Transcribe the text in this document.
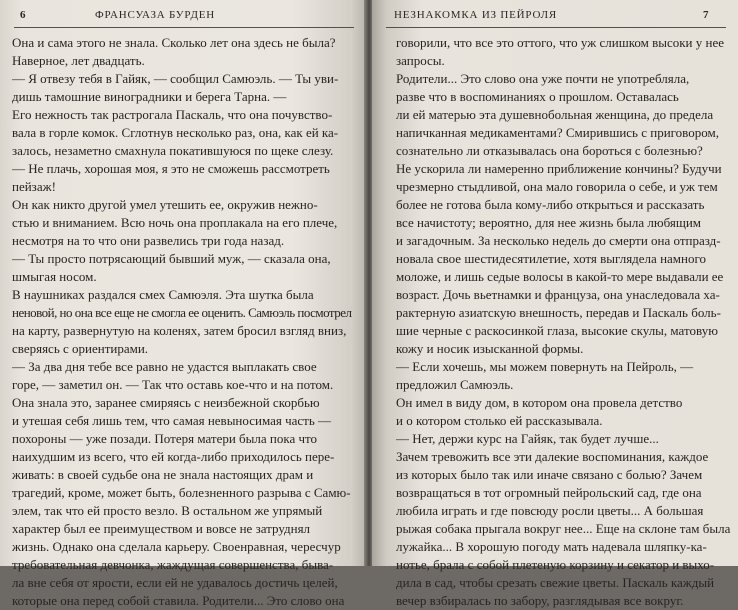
6	ФРАНСУАЗА БУРДЕН
Она и сама этого не знала. Сколько лет она здесь не была?
Наверное, лет двадцать.
— Я отвезу тебя в Гайяк, — сообщил Самюэль. — Ты уви-
дишь тамошние виноградники и берега Тарна. —
Его нежность так растрогала Паскаль, что она почувство-
вала в горле комок. Сглотнув несколько раз, она, как ей ка-
залось, незаметно смахнула покатившуюся по щеке слезу.
— Не плачь, хорошая моя, я это не сможешь рассмотреть
пейзаж!
Он как никто другой умел утешить ее, окружив нежно-
стью и вниманием. Всю ночь она проплакала на его плече,
несмотря на то что они развелись три года назад.
— Ты просто потрясающий бывший муж, — сказала она,
шмыгая носом.
В наушниках раздался смех Самюэля. Эта шутка была
неновой, но она все еще не смогла ее оценить. Самюэль посмотрел
на карту, развернутую на коленях, затем бросил взгляд вниз,
сверяясь с ориентирами.
— За два дня тебе все равно не удастся выплакать свое
горе, — заметил он. — Так что оставь кое-что и на потом.
Она знала это, заранее смиряясь с неизбежной скорбью
и утешая себя лишь тем, что самая невыносимая часть —
похороны — уже позади. Потеря матери была пока что
наихудшим из всего, что ей когда-либо приходилось пере-
живать: в своей судьбе она не знала настоящих драм и
трагедий, кроме, может быть, болезненного разрыва с Самю-
элем, так что ей просто везло. В остальном же упрямый
характер был ее преимуществом и вовсе не затруднял
жизнь. Однако она сделала карьеру. Своенравная, чересчур
требовательная девчонка, жаждущая совершенства, быва-
ла вне себя от ярости, если ей не удавалось достичь целей,
которые она перед собой ставила. Родители... Это слово она
НЕЗНАКОМКА ИЗ ПЕЙРОЛЯ	7
говорили, что все это оттого, что уж слишком высоки у нее
запросы.
Родители... Это слово она уже почти не употребляла,
разве что в воспоминаниях о прошлом. Оставалась
ли ей матерью эта душевнобольная женщина, до предела
напичканная медикаментами? Смирившись с приговором,
сознательно ли отказывалась она бороться с болезнью?
Не ускорила ли намеренно приближение кончины? Будучи
чрезмерно стыдливой, она мало говорила о себе, и уж тем
более не готова была кому-либо открыться и рассказать
все начистоту; вероятно, для нее жизнь была любящим
и загадочным. За несколько недель до смерти она отпразд-
новала свое шестидесятилетие, хотя выглядела намного
моложе, и лишь седые волосы в какой-то мере выдавали ее
возраст. Дочь вьетнамки и француза, она унаследовала ха-
рактерную азиатскую внешность, передав и Паскаль боль-
шие черные с раскосинкой глаза, высокие скулы, матовую
кожу и носик изысканной формы.
— Если хочешь, мы можем повернуть на Пейроль, —
предложил Самюэль.
Он имел в виду дом, в котором она провела детство
и о котором столько ей рассказывала.
— Нет, держи курс на Гайяк, так будет лучше...
Зачем тревожить все эти далекие воспоминания, каждое
из которых было так или иначе связано с болью? Зачем
возвращаться в тот огромный пейрольский сад, где она
любила играть и где повсюду росли цветы... А большая
рыжая собака прыгала вокруг нее... Еще на склоне там была
лужайка... В хорошую погоду мать надевала шляпку-ка-
нотье, брала с собой плетеную корзину и секатор и выхо-
дила в сад, чтобы срезать свежие цветы. Паскаль каждый
вечер взбиралась по забору, разглядывая все вокруг.
